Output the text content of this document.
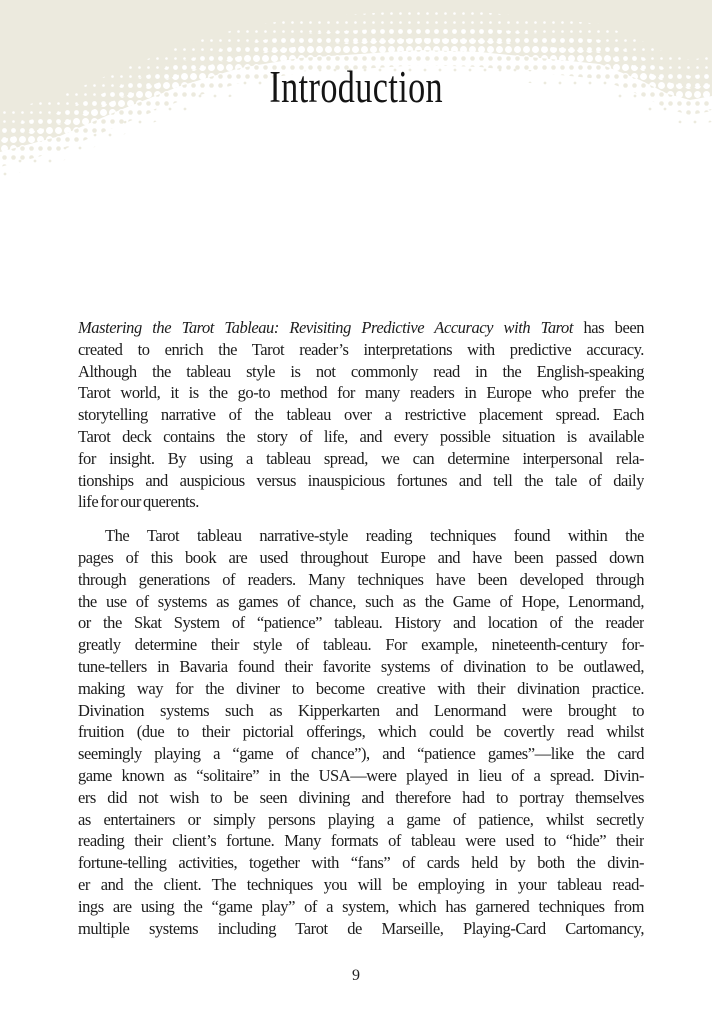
Introduction
Mastering the Tarot Tableau: Revisiting Predictive Accuracy with Tarot has been
created to enrich the Tarot reader’s interpretations with predictive accuracy.
Although the tableau style is not commonly read in the English-speaking
Tarot world, it is the go-to method for many readers in Europe who prefer the
storytelling narrative of the tableau over a restrictive placement spread. Each
Tarot deck contains the story of life, and every possible situation is available
for insight. By using a tableau spread, we can determine interpersonal rela-
tionships and auspicious versus inauspicious fortunes and tell the tale of daily
life for our querents.
The Tarot tableau narrative-style reading techniques found within the
pages of this book are used throughout Europe and have been passed down
through generations of readers. Many techniques have been developed through
the use of systems as games of chance, such as the Game of Hope, Lenormand,
or the Skat System of “patience” tableau. History and location of the reader
greatly determine their style of tableau. For example, nineteenth-century for-
tune-tellers in Bavaria found their favorite systems of divination to be outlawed,
making way for the diviner to become creative with their divination practice.
Divination systems such as Kipperkarten and Lenormand were brought to
fruition (due to their pictorial offerings, which could be covertly read whilst
seemingly playing a “game of chance”), and “patience games”—like the card
game known as “solitaire” in the USA—were played in lieu of a spread. Divin-
ers did not wish to be seen divining and therefore had to portray themselves
as entertainers or simply persons playing a game of patience, whilst secretly
reading their client’s fortune. Many formats of tableau were used to “hide” their
fortune-telling activities, together with “fans” of cards held by both the divin-
er and the client. The techniques you will be employing in your tableau read-
ings are using the “game play” of a system, which has garnered techniques from
multiple systems including Tarot de Marseille, Playing-Card Cartomancy,
9
